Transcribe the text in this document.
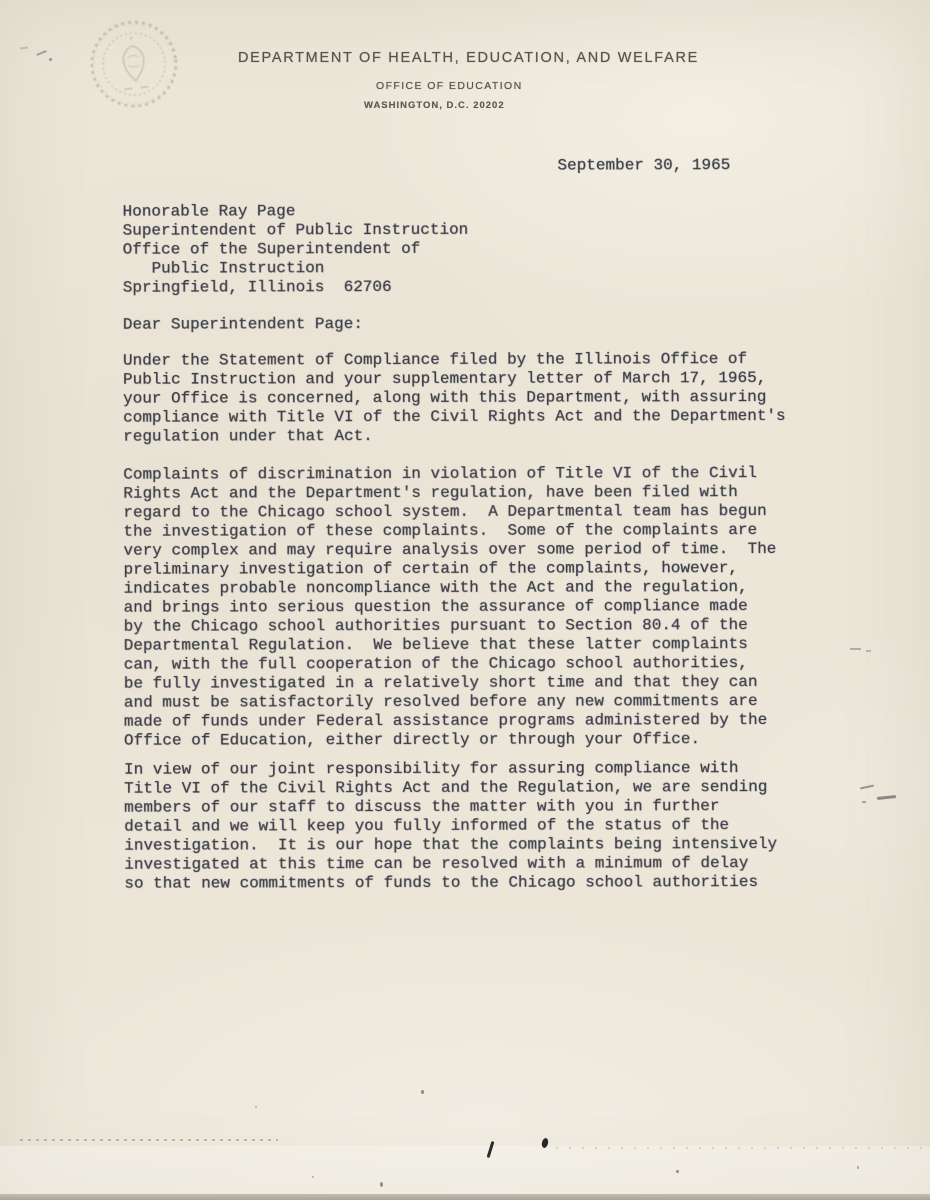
DEPARTMENT OF HEALTH, EDUCATION, AND WELFARE
OFFICE OF EDUCATION
WASHINGTON, D.C. 20202
September 30, 1965
Honorable Ray Page
Superintendent of Public Instruction
Office of the Superintendent of
Public Instruction
Springfield, Illinois  62706
Dear Superintendent Page:
Under the Statement of Compliance filed by the Illinois Office of
Public Instruction and your supplementary letter of March 17, 1965,
your Office is concerned, along with this Department, with assuring
compliance with Title VI of the Civil Rights Act and the Department's
regulation under that Act.
Complaints of discrimination in violation of Title VI of the Civil
Rights Act and the Department's regulation, have been filed with
regard to the Chicago school system.  A Departmental team has begun
the investigation of these complaints.  Some of the complaints are
very complex and may require analysis over some period of time.  The
preliminary investigation of certain of the complaints, however,
indicates probable noncompliance with the Act and the regulation,
and brings into serious question the assurance of compliance made
by the Chicago school authorities pursuant to Section 80.4 of the
Departmental Regulation.  We believe that these latter complaints
can, with the full cooperation of the Chicago school authorities,
be fully investigated in a relatively short time and that they can
and must be satisfactorily resolved before any new commitments are
made of funds under Federal assistance programs administered by the
Office of Education, either directly or through your Office.
In view of our joint responsibility for assuring compliance with
Title VI of the Civil Rights Act and the Regulation, we are sending
members of our staff to discuss the matter with you in further
detail and we will keep you fully informed of the status of the
investigation.  It is our hope that the complaints being intensively
investigated at this time can be resolved with a minimum of delay
so that new commitments of funds to the Chicago school authorities
